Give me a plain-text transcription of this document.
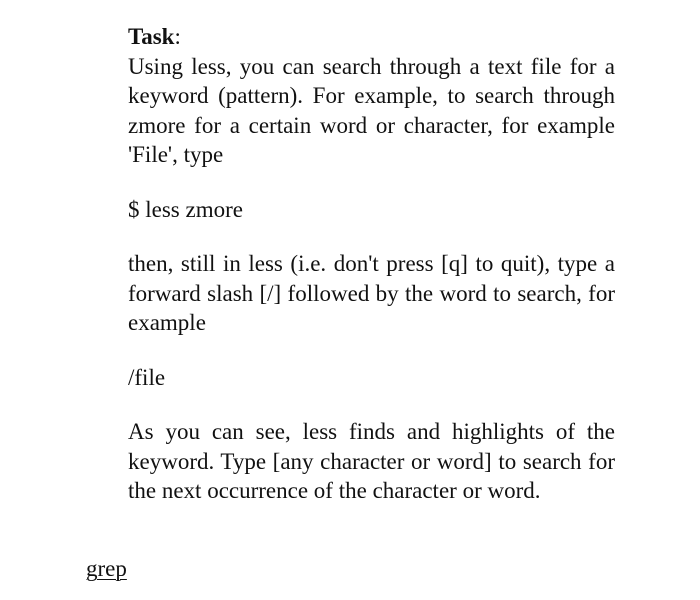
Task:

Using less, you can search through a text file for a keyword (pattern). For example, to search through zmore for a certain word or character, for example 'File', type

$ less zmore

then, still in less (i.e. don't press [q] to quit), type a forward slash [/] followed by the word to search, for example

/file

As you can see, less finds and highlights of the keyword. Type [any character or word] to search for the next occurrence of the character or word.

grep
